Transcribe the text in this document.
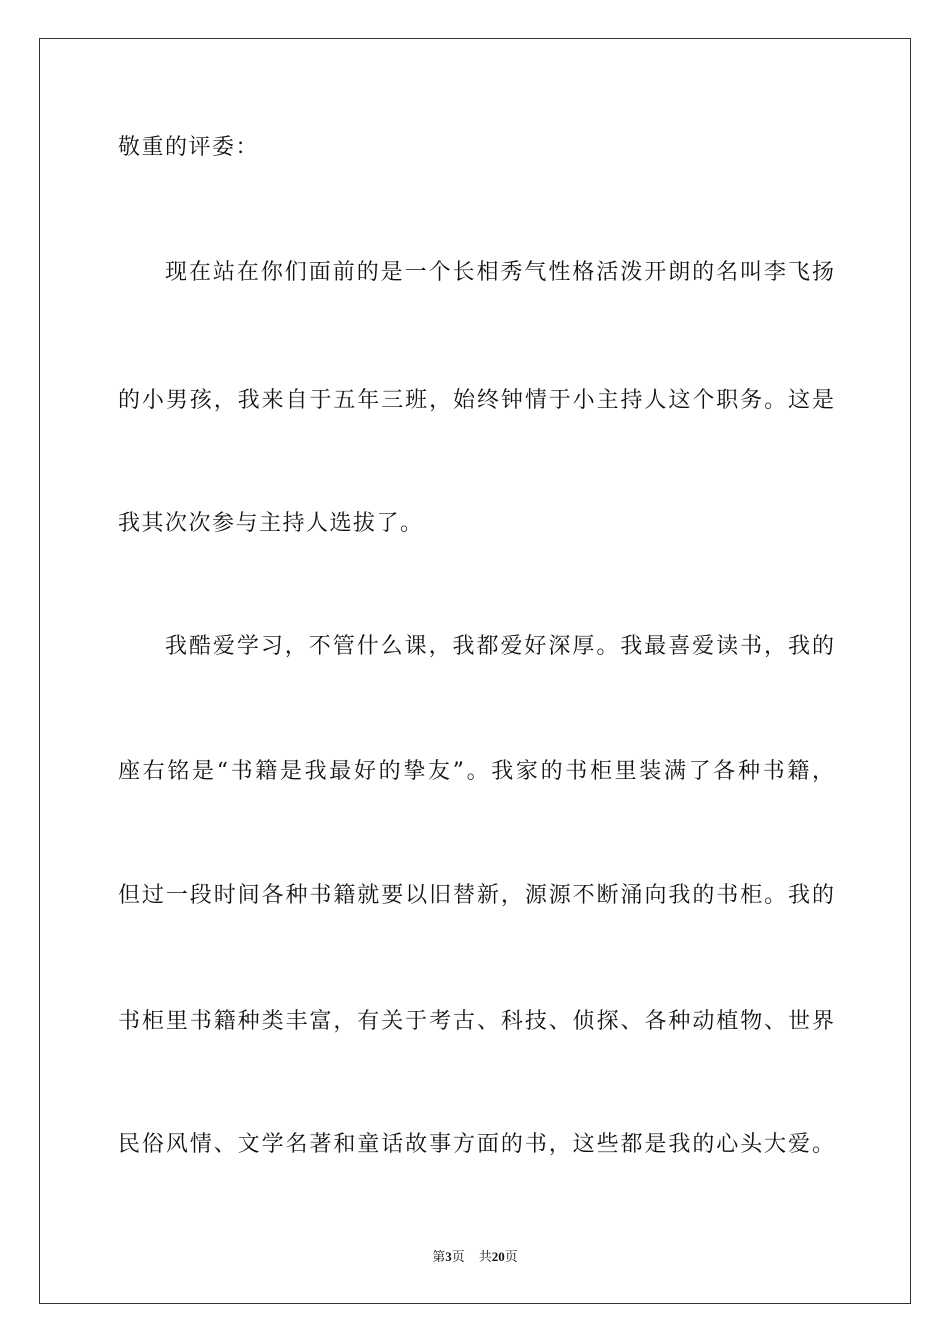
敬重的评委：
现在站在你们面前的是一个长相秀气性格活泼开朗的名叫李飞扬
的小男孩，我来自于五年三班，始终钟情于小主持人这个职务。这是
我其次次参与主持人选拔了。
我酷爱学习，不管什么课，我都爱好深厚。我最喜爱读书，我的
座右铭是“书籍是我最好的挚友”。我家的书柜里装满了各种书籍，
但过一段时间各种书籍就要以旧替新，源源不断涌向我的书柜。我的
书柜里书籍种类丰富，有关于考古、科技、侦探、各种动植物、世界
民俗风情、文学名著和童话故事方面的书，这些都是我的心头大爱。
第3页 共20页
